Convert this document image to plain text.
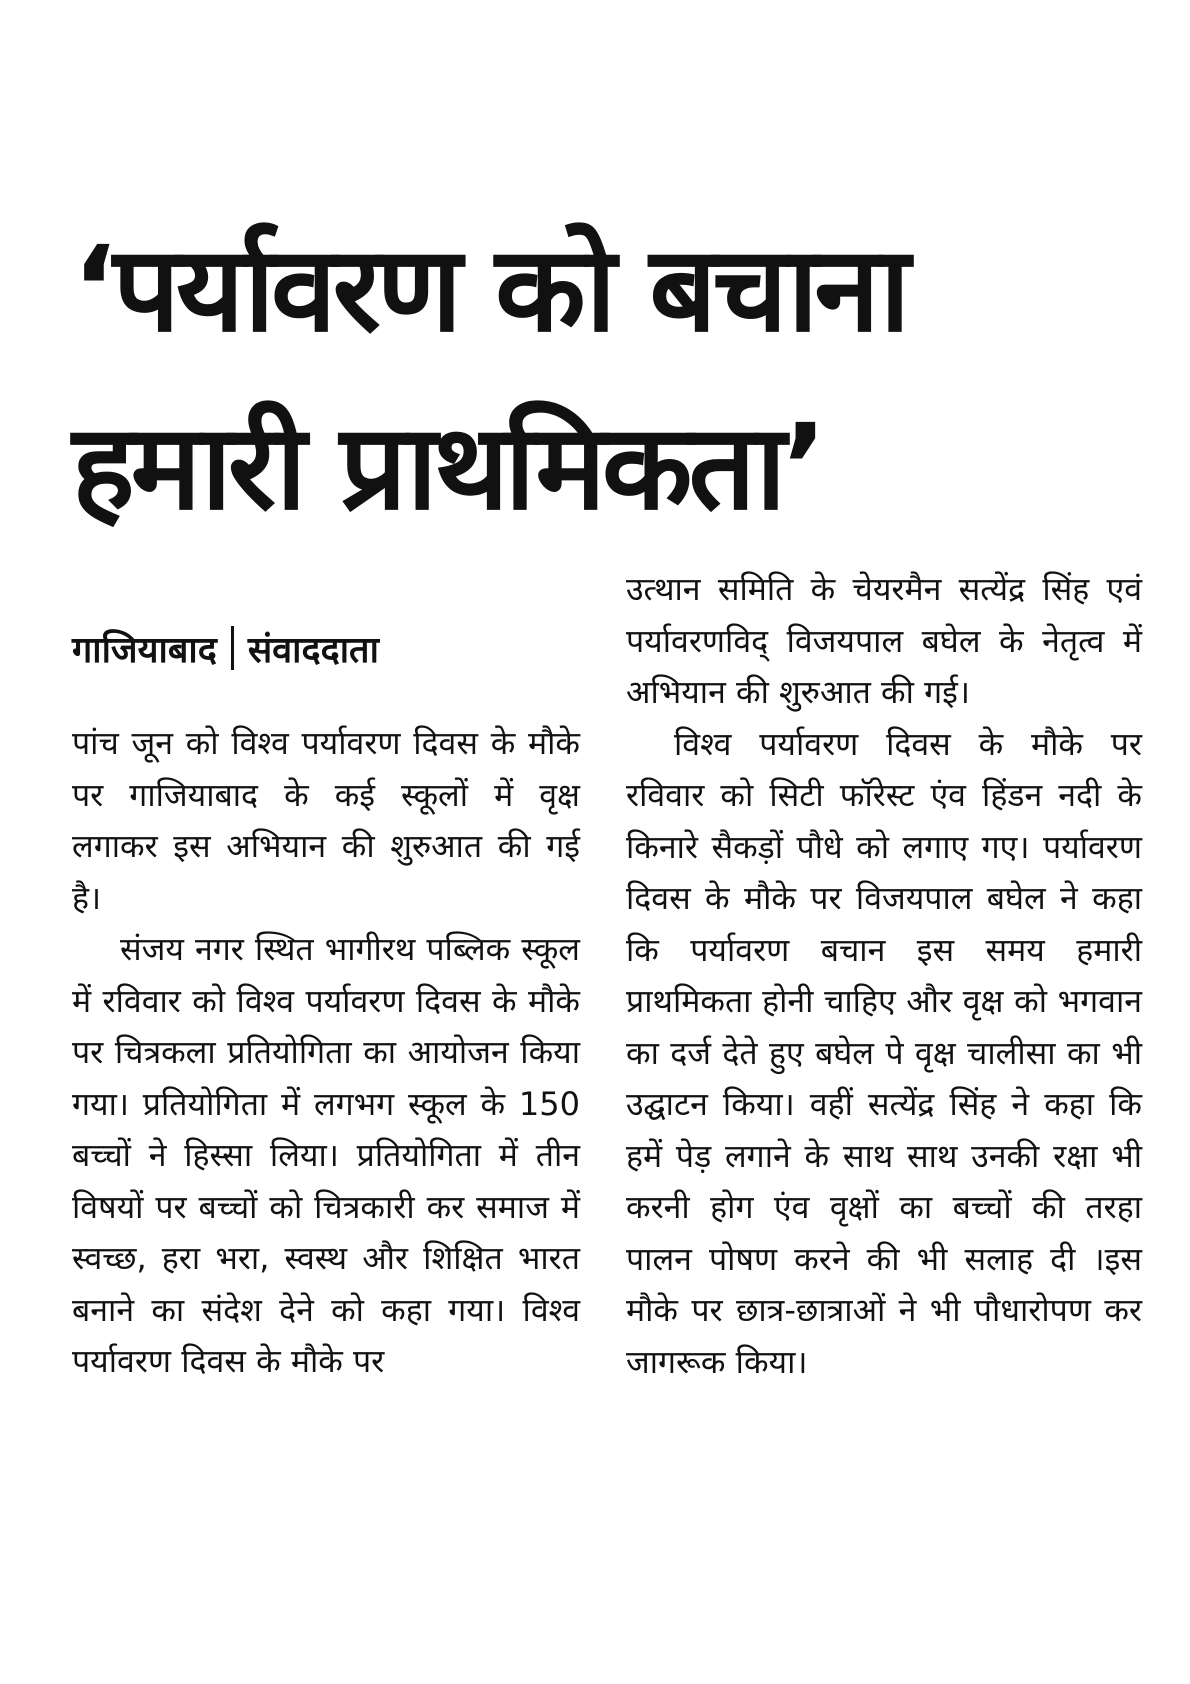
‘पर्यावरण को बचाना
हमारी प्राथमिकता’
गाजियाबाद संवाददाता

पांच जून को विश्व पर्यावरण दिवस के मौके पर गाजियाबाद के कई स्कूलों में वृक्ष लगाकर इस अभियान की शुरुआत की गई है।

संजय नगर स्थित भागीरथ पब्लिक स्कूल में रविवार को विश्व पर्यावरण दिवस के मौके पर चित्रकला प्रतियोगिता का आयोजन किया गया। प्रतियोगिता में लगभग स्कूल के 150 बच्चों ने हिस्सा लिया। प्रतियोगिता में तीन विषयों पर बच्चों को चित्रकारी कर समाज में स्वच्छ, हरा भरा, स्वस्थ और शिक्षित भारत बनाने का संदेश देने को कहा गया। विश्व पर्यावरण दिवस के मौके पर

उत्थान समिति के चेयरमैन सत्येंद्र सिंह एवं पर्यावरणविद् विजयपाल बघेल के नेतृत्व में अभियान की शुरुआत की गई।

विश्व पर्यावरण दिवस के मौके पर रविवार को सिटी फॉरेस्ट एंव हिंडन नदी के किनारे सैकड़ों पौधे को लगाए गए। पर्यावरण दिवस के मौके पर विजयपाल बघेल ने कहा कि पर्यावरण बचान इस समय हमारी प्राथमिकता होनी चाहिए और वृक्ष को भगवान का दर्ज देते हुए बघेल पे वृक्ष चालीसा का भी उद्घाटन किया। वहीं सत्येंद्र सिंह ने कहा कि हमें पेड़ लगाने के साथ साथ उनकी रक्षा भी करनी होग एंव वृक्षों का बच्चों की तरहा पालन पोषण करने की भी सलाह दी ।इस मौके पर छात्र-छात्राओं ने भी पौधारोपण कर जागरूक किया।
